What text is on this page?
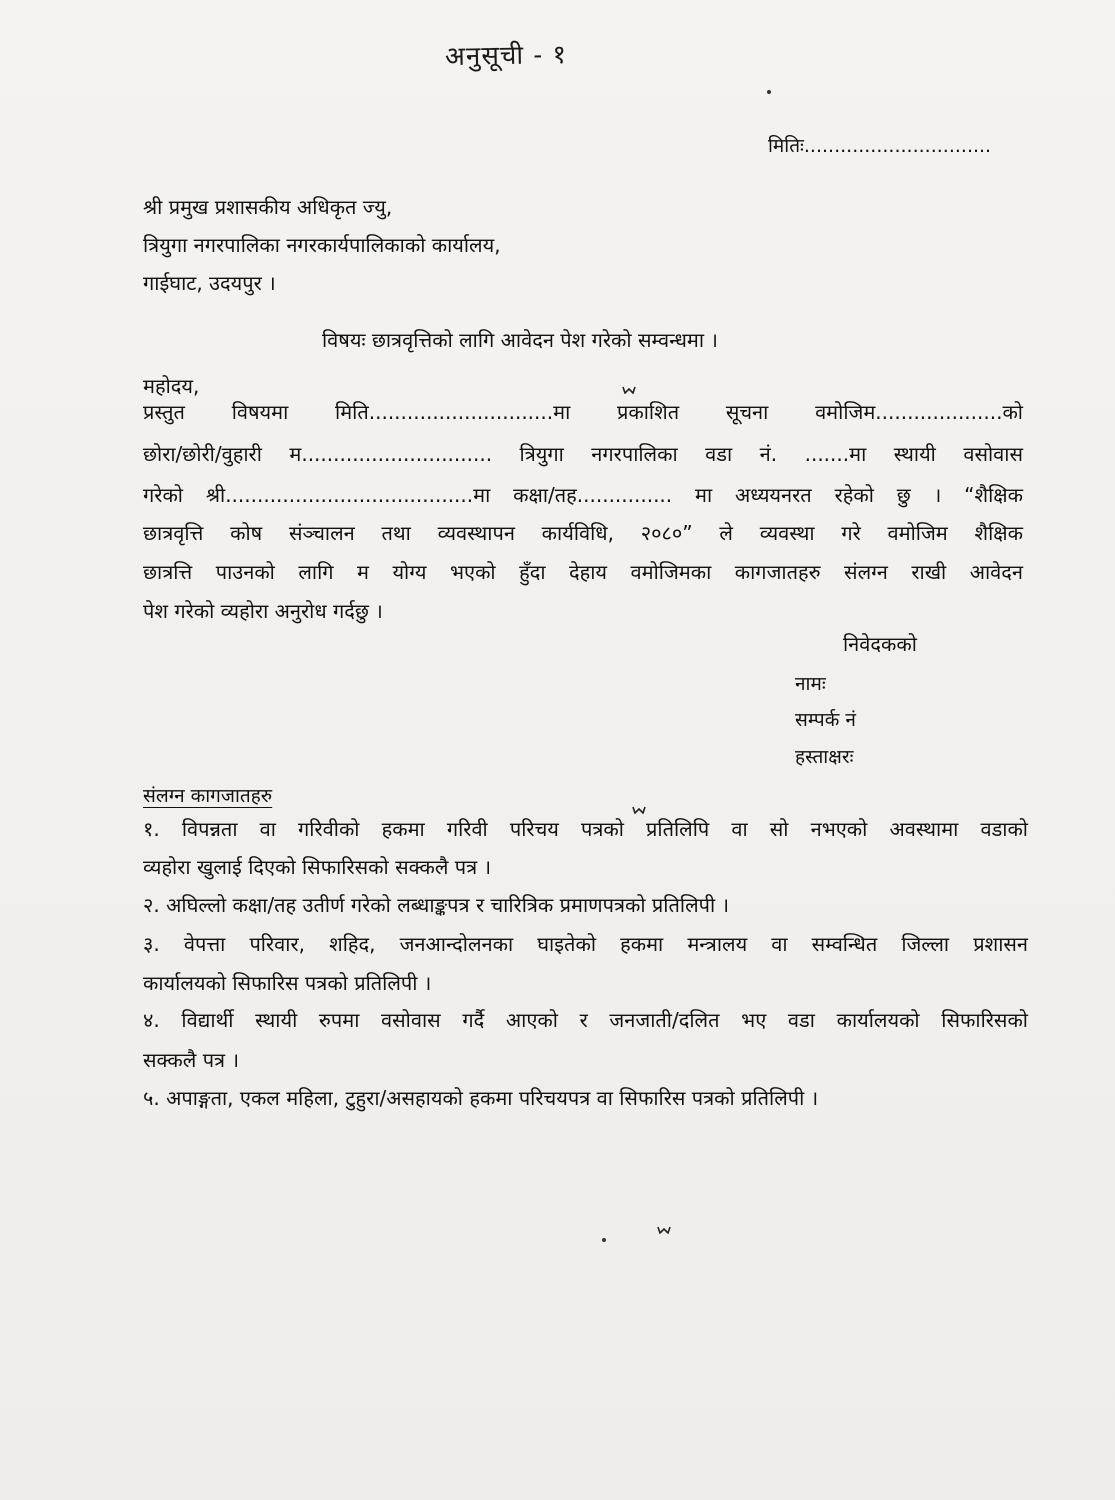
अनुसूची - १
मितिः...............................
श्री प्रमुख प्रशासकीय अधिकृत ज्यु,
त्रियुगा नगरपालिका नगरकार्यपालिकाको कार्यालय,
गाईघाट, उदयपुर ।
विषयः छात्रवृत्तिको लागि आवेदन पेश गरेको सम्वन्धमा ।
महोदय,
प्रस्तुत विषयमा मिति.............................मा प्रकाशित सूचना वमोजिम....................को
छोरा/छोरी/वुहारी म.............................. त्रियुगा नगरपालिका वडा नं. .......मा स्थायी वसोवास
गरेको श्री.......................................मा कक्षा/तह............... मा अध्ययनरत रहेको छु । “शैक्षिक
छात्रवृत्ति कोष संञ्चालन तथा व्यवस्थापन कार्यविधि, २०८०” ले व्यवस्था गरे वमोजिम शैक्षिक
छात्रत्ति पाउनको लागि म योग्य भएको हुँदा देहाय वमोजिमका कागजातहरु संलग्न राखी आवेदन
पेश गरेको व्यहोरा अनुरोध गर्दछु ।
निवेदकको
नामः
सम्पर्क नं
हस्ताक्षरः
संलग्न कागजातहरु
१. विपन्नता वा गरिवीको हकमा गरिवी परिचय पत्रको प्रतिलिपि वा सो नभएको अवस्थामा वडाको
व्यहोरा खुलाई दिएको सिफारिसको सक्कलै पत्र ।
२. अघिल्लो कक्षा/तह उतीर्ण गरेको लब्धाङ्कपत्र र चारित्रिक प्रमाणपत्रको प्रतिलिपी ।
३. वेपत्ता परिवार, शहिद, जनआन्दोलनका घाइतेको हकमा मन्त्रालय वा सम्वन्धित जिल्ला प्रशासन
कार्यालयको सिफारिस पत्रको प्रतिलिपी ।
४. विद्यार्थी स्थायी रुपमा वसोवास गर्दै आएको र जनजाती/दलित भए वडा कार्यालयको सिफारिसको
सक्कलै पत्र ।
५. अपाङ्गता, एकल महिला, टुहुरा/असहायको हकमा परिचयपत्र वा सिफारिस पत्रको प्रतिलिपी ।
